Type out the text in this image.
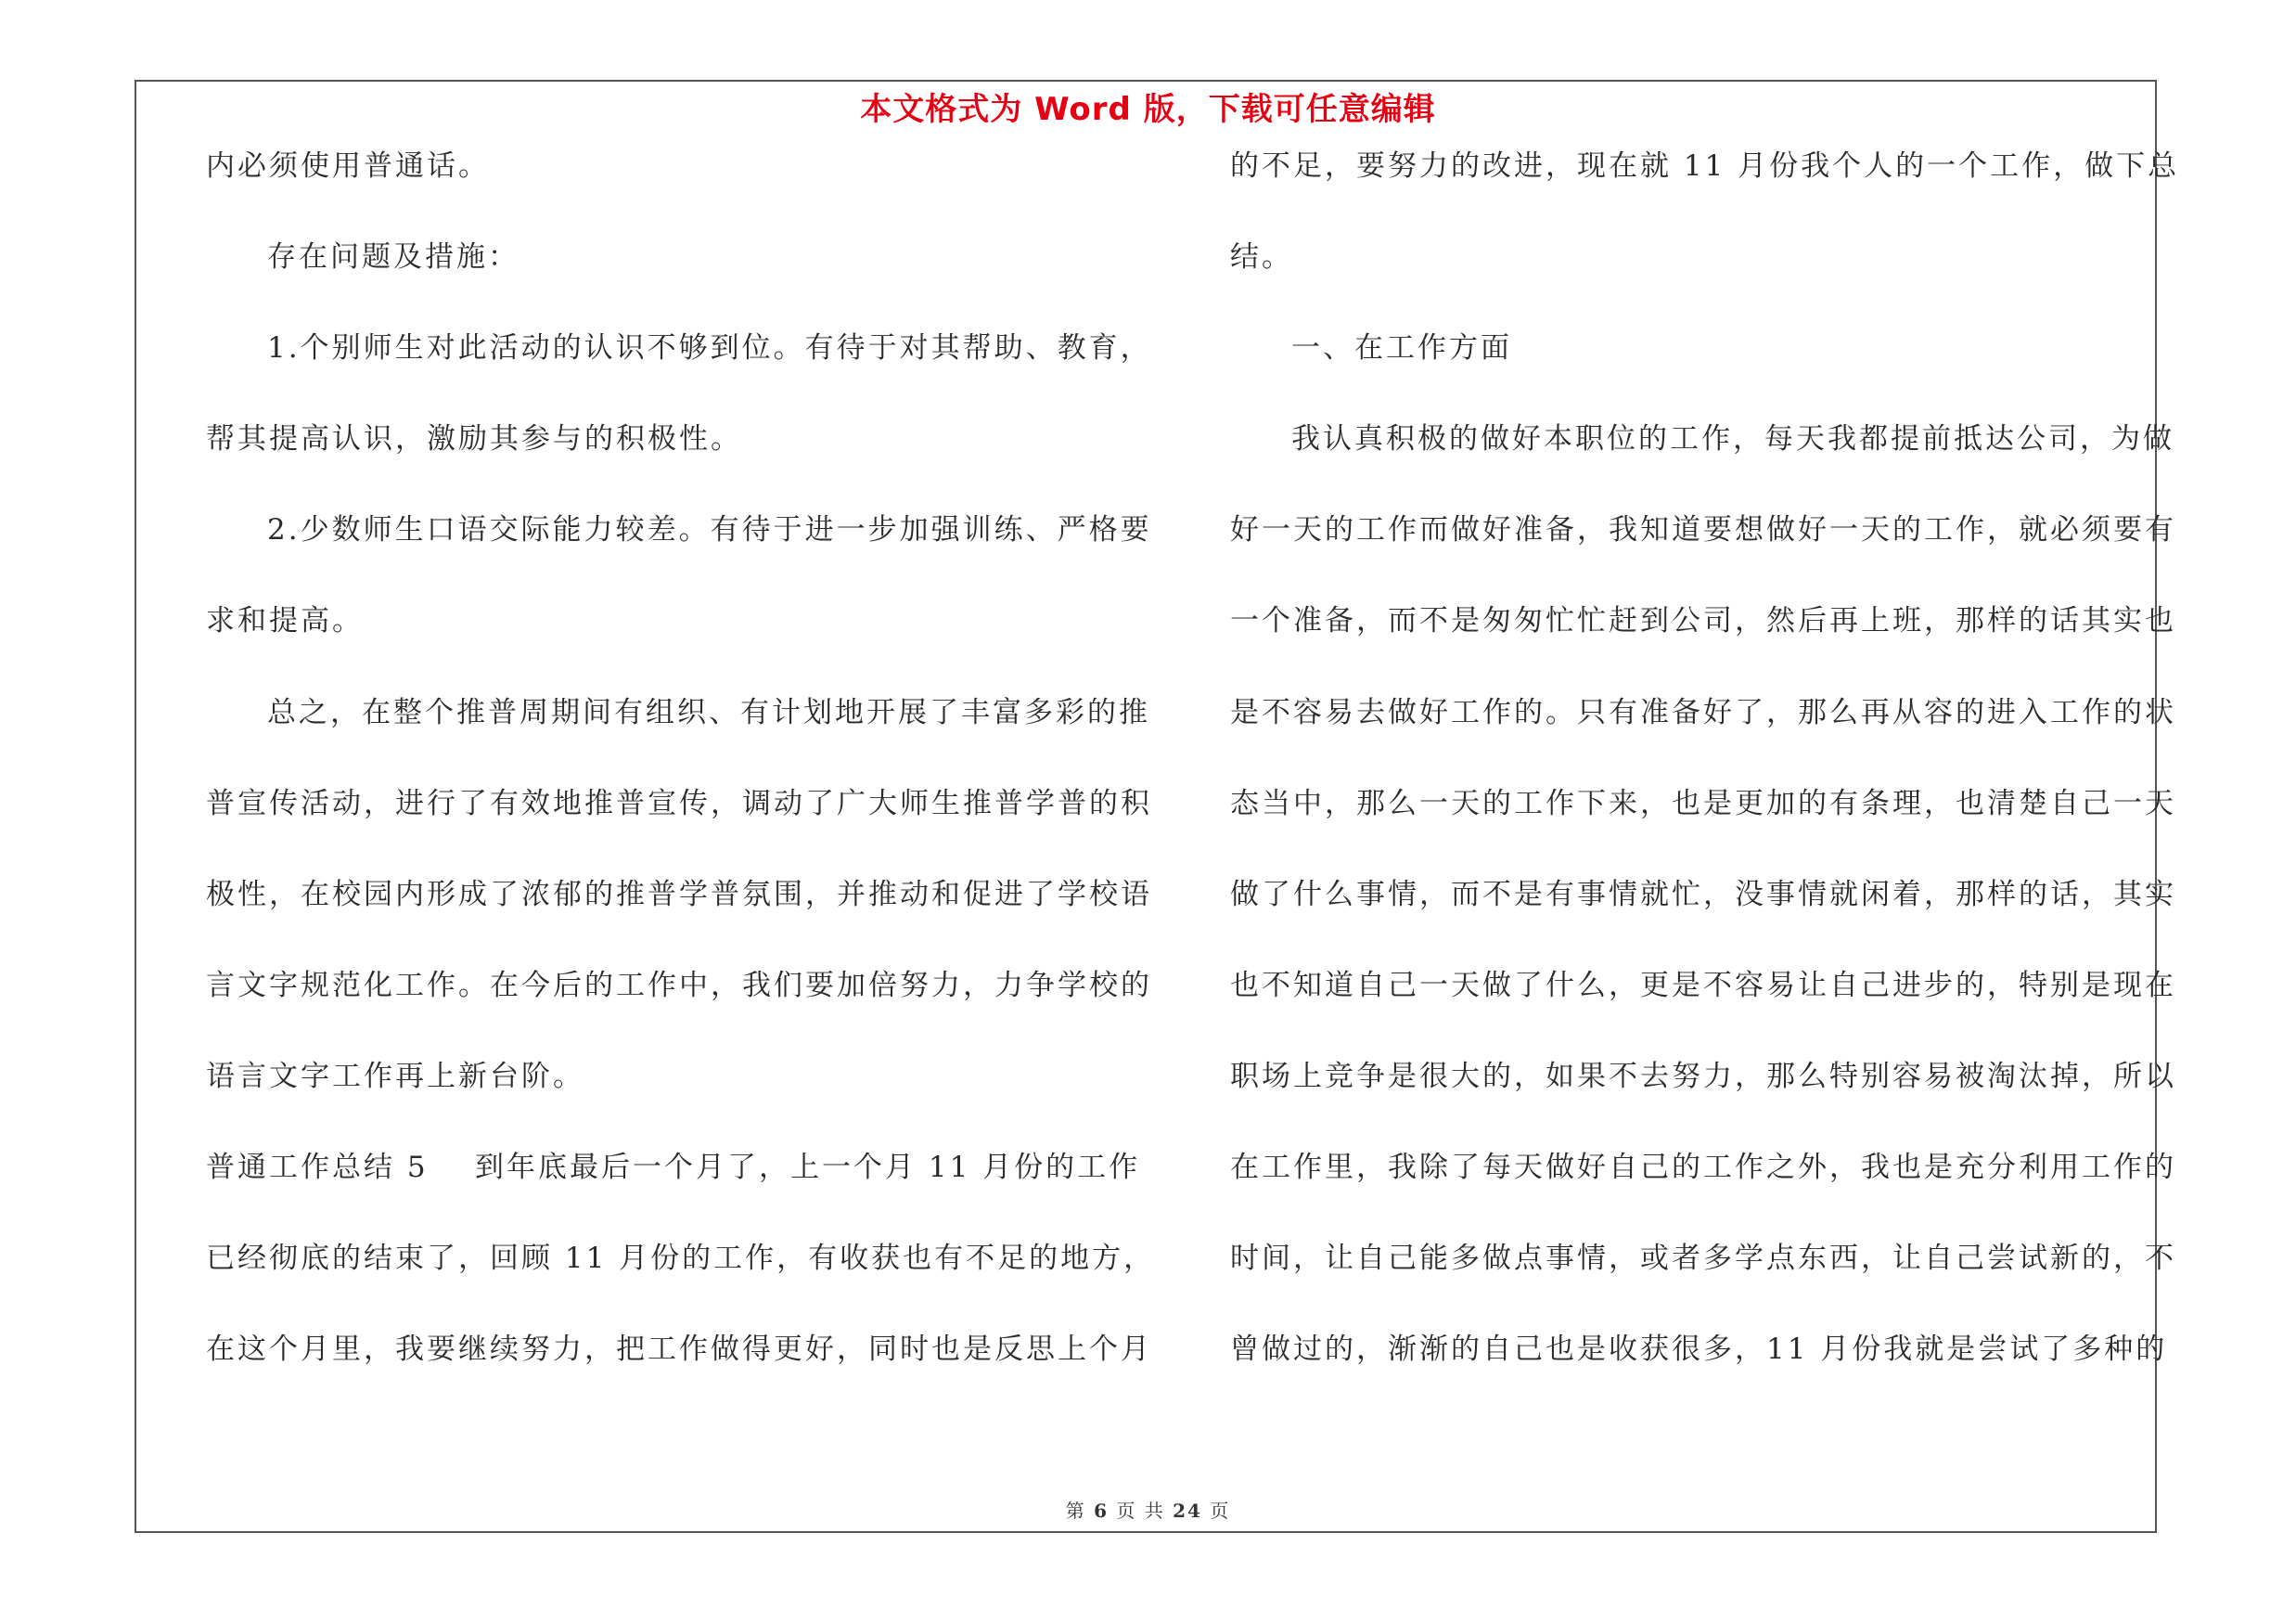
本文格式为 Word 版，下载可任意编辑
内必须使用普通话。
存在问题及措施：
1.个别师生对此活动的认识不够到位。有待于对其帮助、教育，
帮其提高认识，激励其参与的积极性。
2.少数师生口语交际能力较差。有待于进一步加强训练、严格要
求和提高。
总之，在整个推普周期间有组织、有计划地开展了丰富多彩的推
普宣传活动，进行了有效地推普宣传，调动了广大师生推普学普的积
极性，在校园内形成了浓郁的推普学普氛围，并推动和促进了学校语
言文字规范化工作。在今后的工作中，我们要加倍努力，力争学校的
语言文字工作再上新台阶。
普通工作总结 5 到年底最后一个月了，上一个月 11 月份的工作
已经彻底的结束了，回顾 11 月份的工作，有收获也有不足的地方，
在这个月里，我要继续努力，把工作做得更好，同时也是反思上个月
的不足，要努力的改进，现在就 11 月份我个人的一个工作，做下总
结。
一、在工作方面
我认真积极的做好本职位的工作，每天我都提前抵达公司，为做
好一天的工作而做好准备，我知道要想做好一天的工作，就必须要有
一个准备，而不是匆匆忙忙赶到公司，然后再上班，那样的话其实也
是不容易去做好工作的。只有准备好了，那么再从容的进入工作的状
态当中，那么一天的工作下来，也是更加的有条理，也清楚自己一天
做了什么事情，而不是有事情就忙，没事情就闲着，那样的话，其实
也不知道自己一天做了什么，更是不容易让自己进步的，特别是现在
职场上竞争是很大的，如果不去努力，那么特别容易被淘汰掉，所以
在工作里，我除了每天做好自己的工作之外，我也是充分利用工作的
时间，让自己能多做点事情，或者多学点东西，让自己尝试新的，不
曾做过的，渐渐的自己也是收获很多，11 月份我就是尝试了多种的
第 6 页 共 24 页
